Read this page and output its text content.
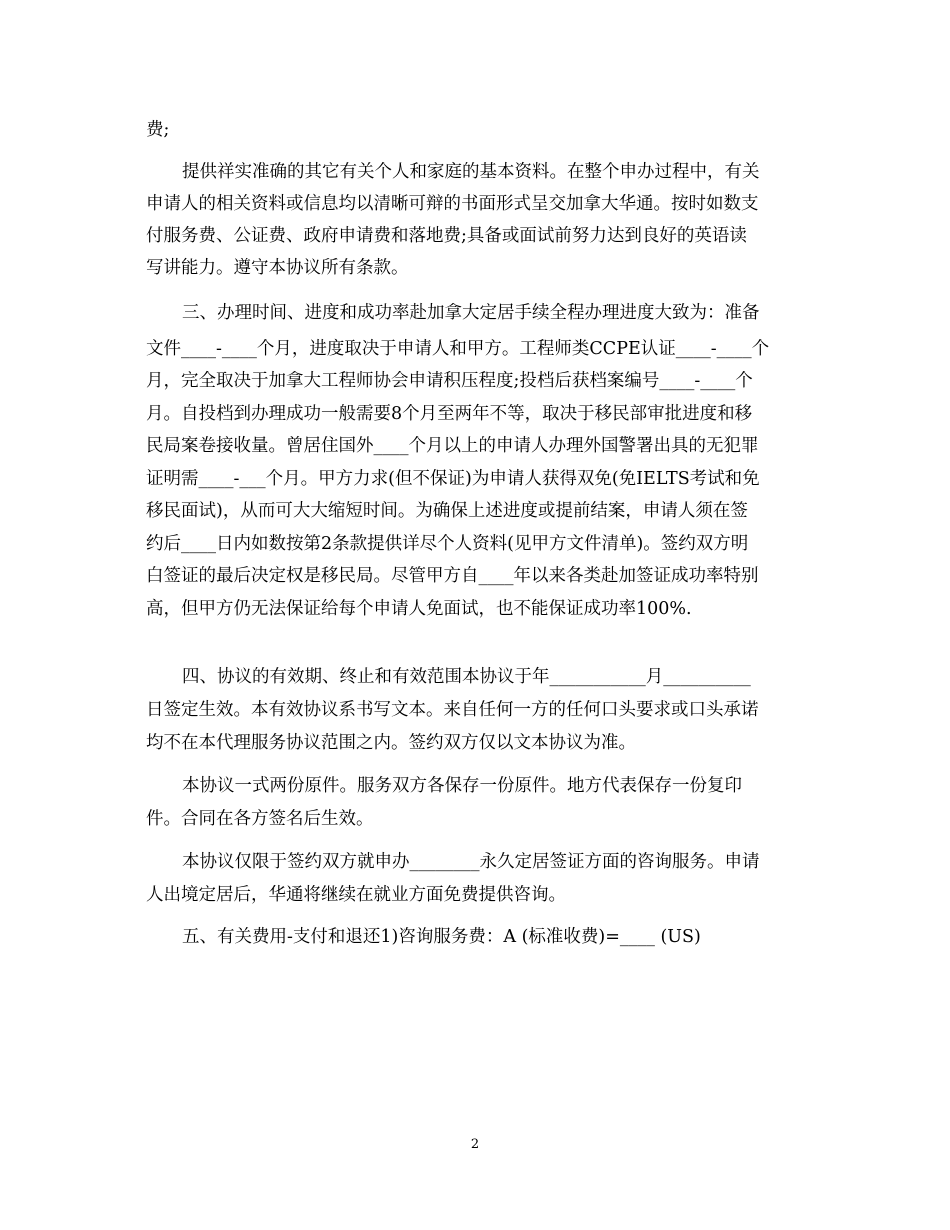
费;
提供祥实准确的其它有关个人和家庭的基本资料。在整个申办过程中，有关
申请人的相关资料或信息均以清晰可辩的书面形式呈交加拿大华通。按时如数支
付服务费、公证费、政府申请费和落地费;具备或面试前努力达到良好的英语读
写讲能力。遵守本协议所有条款。
三、办理时间、进度和成功率赴加拿大定居手续全程办理进度大致为：准备
文件____-____个月，进度取决于申请人和甲方。工程师类CCPE认证____-____个
月，完全取决于加拿大工程师协会申请积压程度;投档后获档案编号____-____个
月。自投档到办理成功一般需要8个月至两年不等，取决于移民部审批进度和移
民局案卷接收量。曾居住国外____个月以上的申请人办理外国警署出具的无犯罪
证明需____-___个月。甲方力求(但不保证)为申请人获得双免(免IELTS考试和免
移民面试)，从而可大大缩短时间。为确保上述进度或提前结案，申请人须在签
约后____日内如数按第2条款提供详尽个人资料(见甲方文件清单)。签约双方明
白签证的最后决定权是移民局。尽管甲方自____年以来各类赴加签证成功率特别
高，但甲方仍无法保证给每个申请人免面试，也不能保证成功率100%.
四、协议的有效期、终止和有效范围本协议于年___________月__________
日签定生效。本有效协议系书写文本。来自任何一方的任何口头要求或口头承诺
均不在本代理服务协议范围之内。签约双方仅以文本协议为准。
本协议一式两份原件。服务双方各保存一份原件。地方代表保存一份复印
件。合同在各方签名后生效。
本协议仅限于签约双方就申办________永久定居签证方面的咨询服务。申请
人出境定居后，华通将继续在就业方面免费提供咨询。
五、有关费用-支付和退还1)咨询服务费：A (标准收费)=____ (US)
2
